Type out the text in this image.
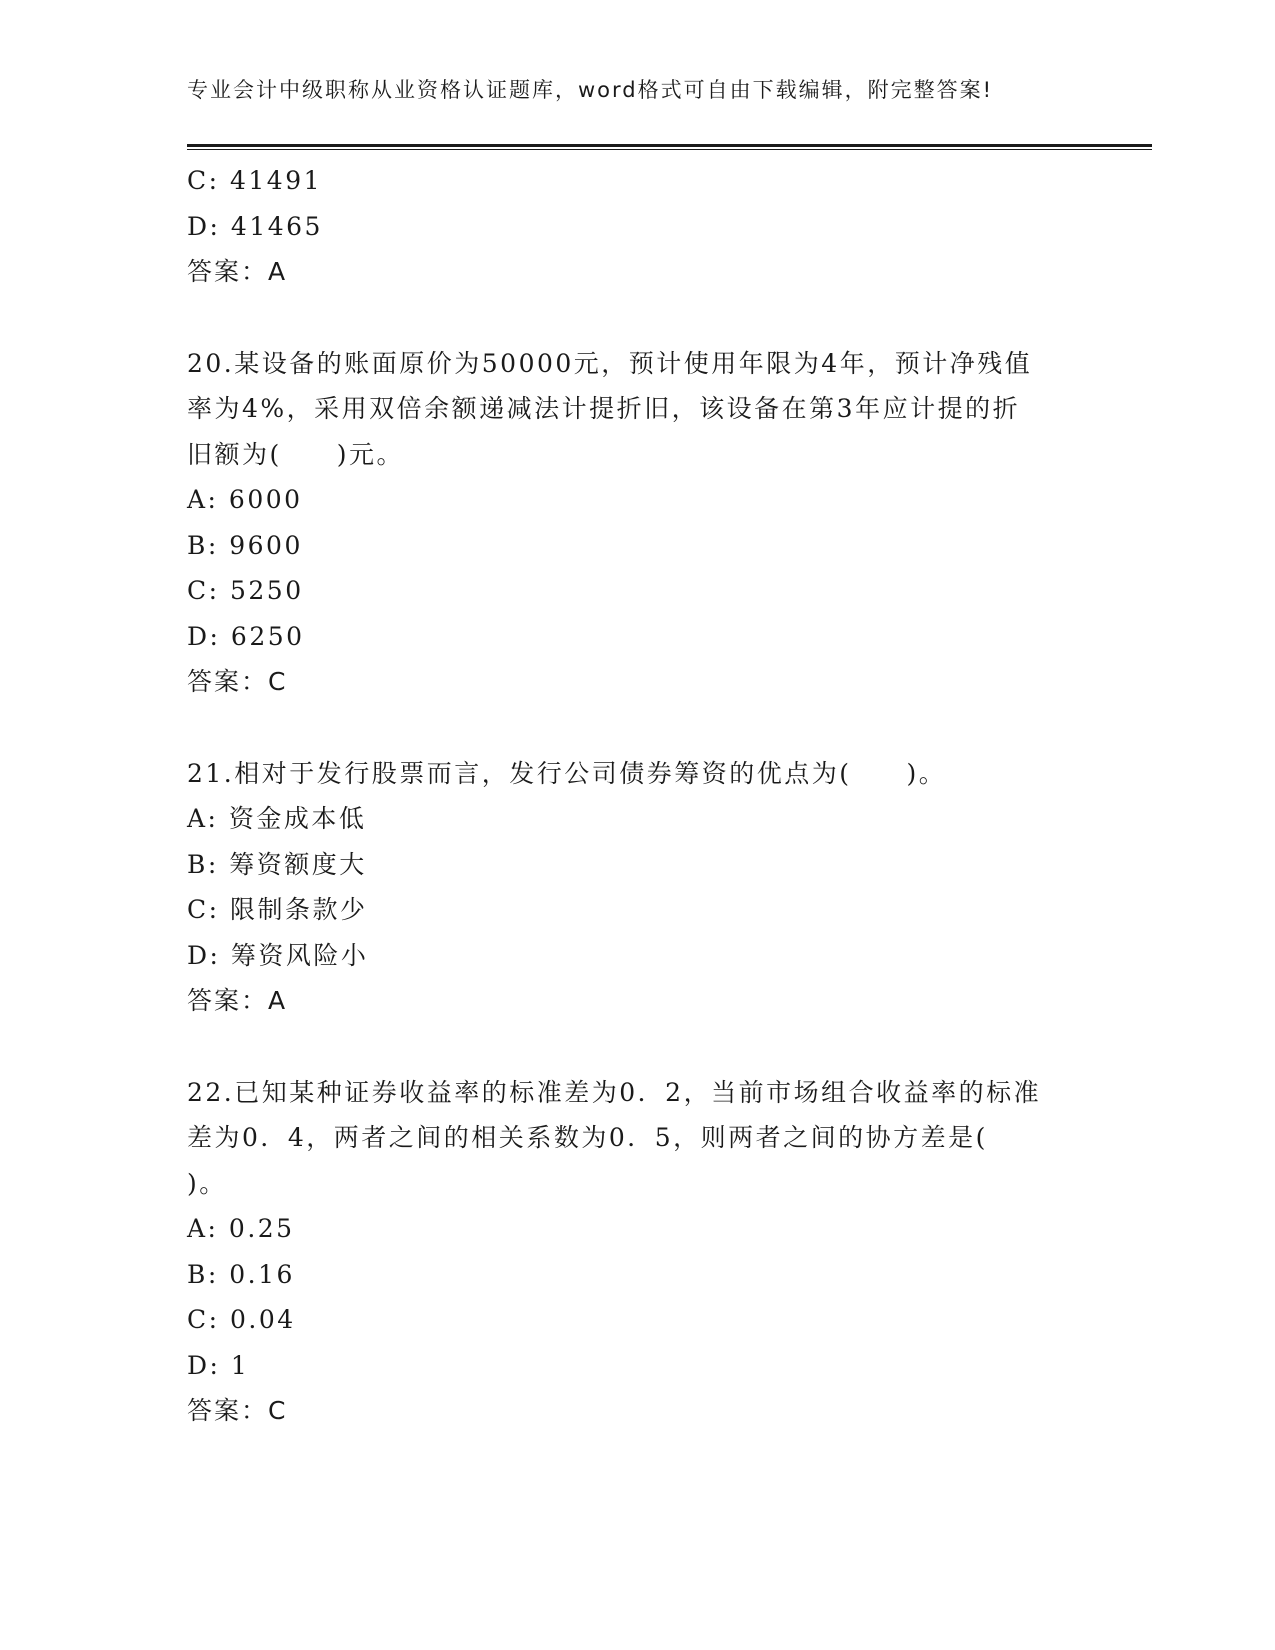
专业会计中级职称从业资格认证题库，word格式可自由下载编辑，附完整答案!
C: 41491
D: 41465
答案：A
20.某设备的账面原价为50000元，预计使用年限为4年，预计净残值
率为4%，采用双倍余额递减法计提折旧，该设备在第3年应计提的折
旧额为(　　)元。
A: 6000
B: 9600
C: 5250
D: 6250
答案：C
21.相对于发行股票而言，发行公司债券筹资的优点为(　　)。
A: 资金成本低
B: 筹资额度大
C: 限制条款少
D: 筹资风险小
答案：A
22.已知某种证券收益率的标准差为0．2，当前市场组合收益率的标准
差为0．4，两者之间的相关系数为0．5，则两者之间的协方差是(
)。
A: 0.25
B: 0.16
C: 0.04
D: 1
答案：C
